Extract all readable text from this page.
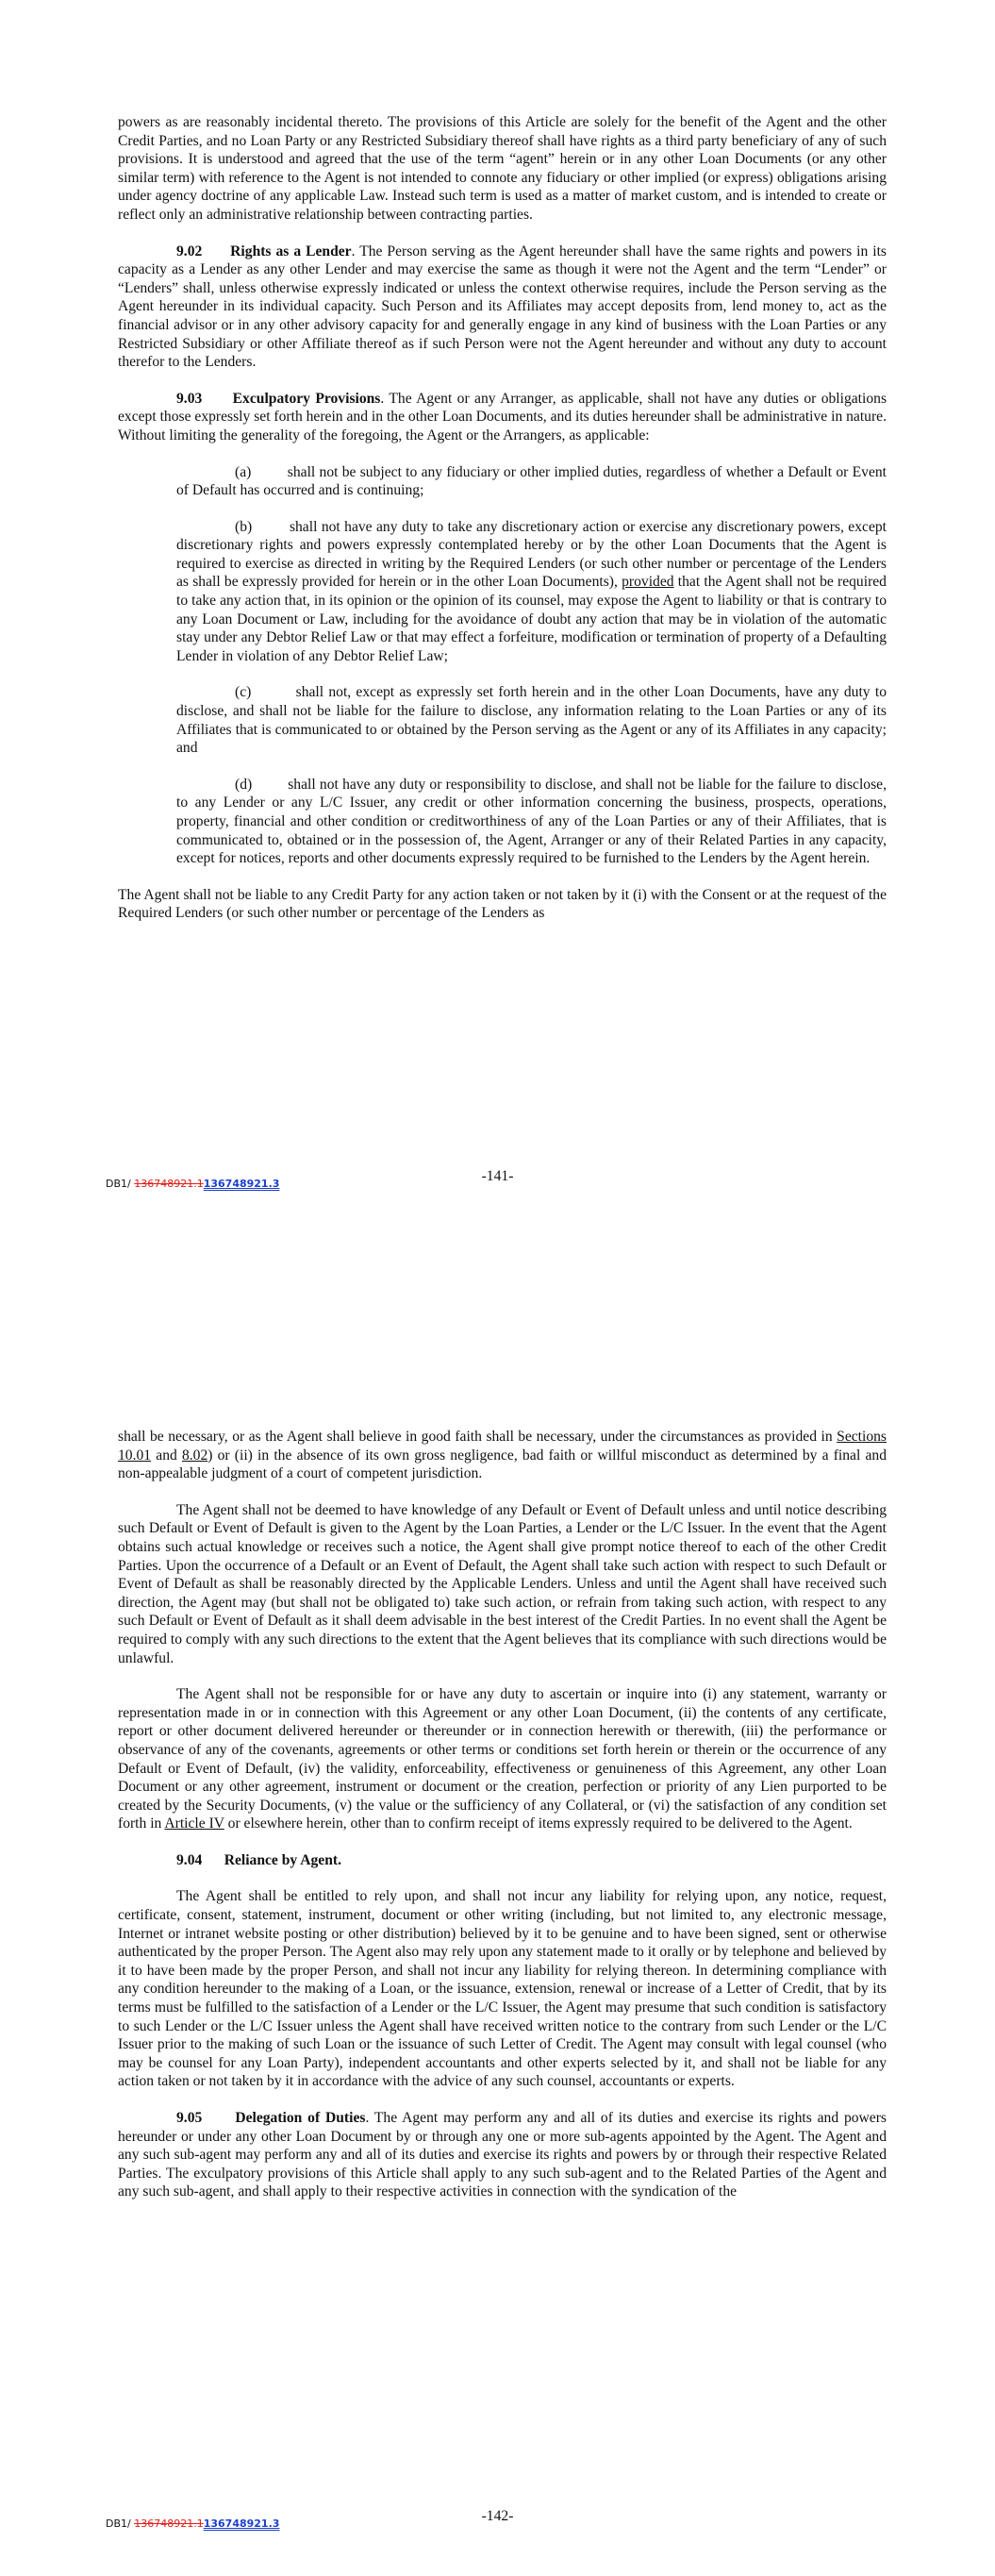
powers as are reasonably incidental thereto. The provisions of this Article are solely for the benefit of the Agent and the other Credit Parties, and no Loan Party or any Restricted Subsidiary thereof shall have rights as a third party beneficiary of any of such provisions. It is understood and agreed that the use of the term “agent” herein or in any other Loan Documents (or any other similar term) with reference to the Agent is not intended to connote any fiduciary or other implied (or express) obligations arising under agency doctrine of any applicable Law. Instead such term is used as a matter of market custom, and is intended to create or reflect only an administrative relationship between contracting parties.

9.02 Rights as a Lender. The Person serving as the Agent hereunder shall have the same rights and powers in its capacity as a Lender as any other Lender and may exercise the same as though it were not the Agent and the term “Lender” or “Lenders” shall, unless otherwise expressly indicated or unless the context otherwise requires, include the Person serving as the Agent hereunder in its individual capacity. Such Person and its Affiliates may accept deposits from, lend money to, act as the financial advisor or in any other advisory capacity for and generally engage in any kind of business with the Loan Parties or any Restricted Subsidiary or other Affiliate thereof as if such Person were not the Agent hereunder and without any duty to account therefor to the Lenders.

9.03 Exculpatory Provisions. The Agent or any Arranger, as applicable, shall not have any duties or obligations except those expressly set forth herein and in the other Loan Documents, and its duties hereunder shall be administrative in nature. Without limiting the generality of the foregoing, the Agent or the Arrangers, as applicable:

(a)         shall not be subject to any fiduciary or other implied duties, regardless of whether a Default or Event of Default has occurred and is continuing;

(b)         shall not have any duty to take any discretionary action or exercise any discretionary powers, except discretionary rights and powers expressly contemplated hereby or by the other Loan Documents that the Agent is required to exercise as directed in writing by the Required Lenders (or such other number or percentage of the Lenders as shall be expressly provided for herein or in the other Loan Documents), provided that the Agent shall not be required to take any action that, in its opinion or the opinion of its counsel, may expose the Agent to liability or that is contrary to any Loan Document or Law, including for the avoidance of doubt any action that may be in violation of the automatic stay under any Debtor Relief Law or that may effect a forfeiture, modification or termination of property of a Defaulting Lender in violation of any Debtor Relief Law;

(c)         shall not, except as expressly set forth herein and in the other Loan Documents, have any duty to disclose, and shall not be liable for the failure to disclose, any information relating to the Loan Parties or any of its Affiliates that is communicated to or obtained by the Person serving as the Agent or any of its Affiliates in any capacity; and

(d)         shall not have any duty or responsibility to disclose, and shall not be liable for the failure to disclose, to any Lender or any L/C Issuer, any credit or other information concerning the business, prospects, operations, property, financial and other condition or creditworthiness of any of the Loan Parties or any of their Affiliates, that is communicated to, obtained or in the possession of, the Agent, Arranger or any of their Related Parties in any capacity, except for notices, reports and other documents expressly required to be furnished to the Lenders by the Agent herein.

The Agent shall not be liable to any Credit Party for any action taken or not taken by it (i) with the Consent or at the request of the Required Lenders (or such other number or percentage of the Lenders as

-141-
DB1/ 136748921.1136748921.3

shall be necessary, or as the Agent shall believe in good faith shall be necessary, under the circumstances as provided in Sections 10.01 and 8.02) or (ii) in the absence of its own gross negligence, bad faith or willful misconduct as determined by a final and non-appealable judgment of a court of competent jurisdiction.

The Agent shall not be deemed to have knowledge of any Default or Event of Default unless and until notice describing such Default or Event of Default is given to the Agent by the Loan Parties, a Lender or the L/C Issuer. In the event that the Agent obtains such actual knowledge or receives such a notice, the Agent shall give prompt notice thereof to each of the other Credit Parties. Upon the occurrence of a Default or an Event of Default, the Agent shall take such action with respect to such Default or Event of Default as shall be reasonably directed by the Applicable Lenders. Unless and until the Agent shall have received such direction, the Agent may (but shall not be obligated to) take such action, or refrain from taking such action, with respect to any such Default or Event of Default as it shall deem advisable in the best interest of the Credit Parties. In no event shall the Agent be required to comply with any such directions to the extent that the Agent believes that its compliance with such directions would be unlawful.

The Agent shall not be responsible for or have any duty to ascertain or inquire into (i) any statement, warranty or representation made in or in connection with this Agreement or any other Loan Document, (ii) the contents of any certificate, report or other document delivered hereunder or thereunder or in connection herewith or therewith, (iii) the performance or observance of any of the covenants, agreements or other terms or conditions set forth herein or therein or the occurrence of any Default or Event of Default, (iv) the validity, enforceability, effectiveness or genuineness of this Agreement, any other Loan Document or any other agreement, instrument or document or the creation, perfection or priority of any Lien purported to be created by the Security Documents, (v) the value or the sufficiency of any Collateral, or (vi) the satisfaction of any condition set forth in Article IV or elsewhere herein, other than to confirm receipt of items expressly required to be delivered to the Agent.

9.04 Reliance by Agent.

The Agent shall be entitled to rely upon, and shall not incur any liability for relying upon, any notice, request, certificate, consent, statement, instrument, document or other writing (including, but not limited to, any electronic message, Internet or intranet website posting or other distribution) believed by it to be genuine and to have been signed, sent or otherwise authenticated by the proper Person. The Agent also may rely upon any statement made to it orally or by telephone and believed by it to have been made by the proper Person, and shall not incur any liability for relying thereon. In determining compliance with any condition hereunder to the making of a Loan, or the issuance, extension, renewal or increase of a Letter of Credit, that by its terms must be fulfilled to the satisfaction of a Lender or the L/C Issuer, the Agent may presume that such condition is satisfactory to such Lender or the L/C Issuer unless the Agent shall have received written notice to the contrary from such Lender or the L/C Issuer prior to the making of such Loan or the issuance of such Letter of Credit. The Agent may consult with legal counsel (who may be counsel for any Loan Party), independent accountants and other experts selected by it, and shall not be liable for any action taken or not taken by it in accordance with the advice of any such counsel, accountants or experts.

9.05 Delegation of Duties. The Agent may perform any and all of its duties and exercise its rights and powers hereunder or under any other Loan Document by or through any one or more sub-agents appointed by the Agent. The Agent and any such sub-agent may perform any and all of its duties and exercise its rights and powers by or through their respective Related Parties. The exculpatory provisions of this Article shall apply to any such sub-agent and to the Related Parties of the Agent and any such sub-agent, and shall apply to their respective activities in connection with the syndication of the

-142-
DB1/ 136748921.1136748921.3
